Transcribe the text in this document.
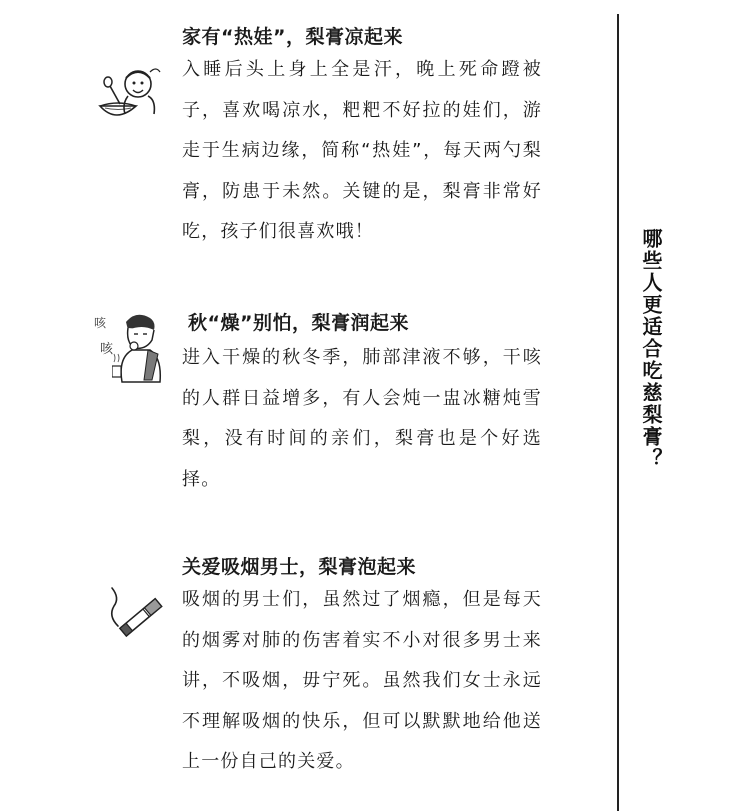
家有“热娃”，梨膏凉起来

入睡后头上身上全是汗，晚上死命蹬被子，喜欢喝凉水，粑粑不好拉的娃们，游走于生病边缘，简称“热娃”，每天两勺梨膏，防患于未然。关键的是，梨膏非常好吃，孩子们很喜欢哦！

秋“燥”别怕，梨膏润起来
咳
咳	进入干燥的秋冬季，肺部津液不够，干咳的人群日益增多，有人会炖一盅冰糖炖雪梨，没有时间的亲们，梨膏也是个好选择。

关爱吸烟男士，梨膏泡起来

吸烟的男士们，虽然过了烟瘾，但是每天的烟雾对肺的伤害着实不小对很多男士来讲，不吸烟，毋宁死。虽然我们女士永远不理解吸烟的快乐，但可以默默地给他送上一份自己的关爱。

哪些人更适合吃慈梨膏？
